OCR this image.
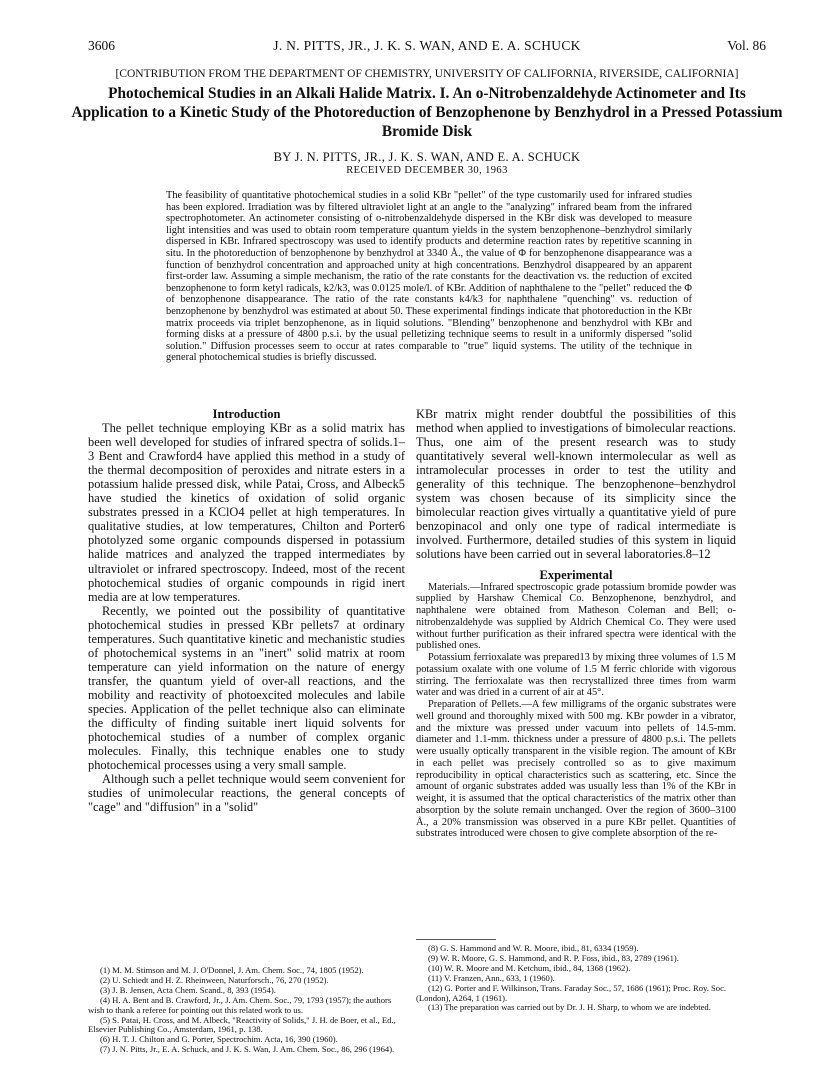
3606	J. N. PITTS, JR., J. K. S. WAN, AND E. A. SCHUCK	Vol. 86
[CONTRIBUTION FROM THE DEPARTMENT OF CHEMISTRY, UNIVERSITY OF CALIFORNIA, RIVERSIDE, CALIFORNIA]
Photochemical Studies in an Alkali Halide Matrix. I. An o-Nitrobenzaldehyde Actinometer and Its Application to a Kinetic Study of the Photoreduction of Benzophenone by Benzhydrol in a Pressed Potassium Bromide Disk
BY J. N. PITTS, JR., J. K. S. WAN, AND E. A. SCHUCK
RECEIVED DECEMBER 30, 1963

The feasibility of quantitative photochemical studies in a solid KBr "pellet" of the type customarily used for infrared studies has been explored. Irradiation was by filtered ultraviolet light at an angle to the "analyzing" infrared beam from the infrared spectrophotometer. An actinometer consisting of o-nitrobenzaldehyde dispersed in the KBr disk was developed to measure light intensities and was used to obtain room temperature quantum yields in the system benzophenone–benzhydrol similarly dispersed in KBr. Infrared spectroscopy was used to identify products and determine reaction rates by repetitive scanning in situ. In the photoreduction of benzophenone by benzhydrol at 3340 Å., the value of Φ for benzophenone disappearance was a function of benzhydrol concentration and approached unity at high concentrations. Benzhydrol disappeared by an apparent first-order law. Assuming a simple mechanism, the ratio of the rate constants for the deactivation vs. the reduction of excited benzophenone to form ketyl radicals, k2/k3, was 0.0125 mole/l. of KBr. Addition of naphthalene to the "pellet" reduced the Φ of benzophenone disappearance. The ratio of the rate constants k4/k3 for naphthalene "quenching" vs. reduction of benzophenone by benzhydrol was estimated at about 50. These experimental findings indicate that photoreduction in the KBr matrix proceeds via triplet benzophenone, as in liquid solutions. "Blending" benzophenone and benzhydrol with KBr and forming disks at a pressure of 4800 p.s.i. by the usual pelletizing technique seems to result in a uniformly dispersed "solid solution." Diffusion processes seem to occur at rates comparable to "true" liquid systems. The utility of the technique in general photochemical studies is briefly discussed.

Introduction

The pellet technique employing KBr as a solid matrix has been well developed for studies of infrared spectra of solids.1–3 Bent and Crawford4 have applied this method in a study of the thermal decomposition of peroxides and nitrate esters in a potassium halide pressed disk, while Patai, Cross, and Albeck5 have studied the kinetics of oxidation of solid organic substrates pressed in a KClO4 pellet at high temperatures. In qualitative studies, at low temperatures, Chilton and Porter6 photolyzed some organic compounds dispersed in potassium halide matrices and analyzed the trapped intermediates by ultraviolet or infrared spectroscopy. Indeed, most of the recent photochemical studies of organic compounds in rigid inert media are at low temperatures.

Recently, we pointed out the possibility of quantitative photochemical studies in pressed KBr pellets7 at ordinary temperatures. Such quantitative kinetic and mechanistic studies of photochemical systems in an "inert" solid matrix at room temperature can yield information on the nature of energy transfer, the quantum yield of over-all reactions, and the mobility and reactivity of photoexcited molecules and labile species. Application of the pellet technique also can eliminate the difficulty of finding suitable inert liquid solvents for photochemical studies of a number of complex organic molecules. Finally, this technique enables one to study photochemical processes using a very small sample.

Although such a pellet technique would seem convenient for studies of unimolecular reactions, the general concepts of "cage" and "diffusion" in a "solid"

(1) M. M. Stimson and M. J. O'Donnel, J. Am. Chem. Soc., 74, 1805 (1952).

(2) U. Schiedt and H. Z. Rheinween, Naturforsch., 76, 270 (1952).

(3) J. B. Jensen, Acta Chem. Scand., 8, 393 (1954).

(4) H. A. Bent and B. Crawford, Jr., J. Am. Chem. Soc., 79, 1793 (1957); the authors wish to thank a referee for pointing out this related work to us.

(5) S. Patai, H. Cross, and M. Albeck, "Reactivity of Solids," J. H. de Boer, et al., Ed., Elsevier Publishing Co., Amsterdam, 1961, p. 138.

(6) H. T. J. Chilton and G. Porter, Spectrochim. Acta, 16, 390 (1960).

(7) J. N. Pitts, Jr., E. A. Schuck, and J. K. S. Wan, J. Am. Chem. Soc., 86, 296 (1964).

KBr matrix might render doubtful the possibilities of this method when applied to investigations of bimolecular reactions. Thus, one aim of the present research was to study quantitatively several well-known intermolecular as well as intramolecular processes in order to test the utility and generality of this technique. The benzophenone–benzhydrol system was chosen because of its simplicity since the bimolecular reaction gives virtually a quantitative yield of pure benzopinacol and only one type of radical intermediate is involved. Furthermore, detailed studies of this system in liquid solutions have been carried out in several laboratories.8–12

Experimental

Materials.—Infrared spectroscopic grade potassium bromide powder was supplied by Harshaw Chemical Co. Benzophenone, benzhydrol, and naphthalene were obtained from Matheson Coleman and Bell; o-nitrobenzaldehyde was supplied by Aldrich Chemical Co. They were used without further purification as their infrared spectra were identical with the published ones.

Potassium ferrioxalate was prepared13 by mixing three volumes of 1.5 M potassium oxalate with one volume of 1.5 M ferric chloride with vigorous stirring. The ferrioxalate was then recrystallized three times from warm water and was dried in a current of air at 45°.

Preparation of Pellets.—A few milligrams of the organic substrates were well ground and thoroughly mixed with 500 mg. KBr powder in a vibrator, and the mixture was pressed under vacuum into pellets of 14.5-mm. diameter and 1.1-mm. thickness under a pressure of 4800 p.s.i. The pellets were usually optically transparent in the visible region. The amount of KBr in each pellet was precisely controlled so as to give maximum reproducibility in optical characteristics such as scattering, etc. Since the amount of organic substrates added was usually less than 1% of the KBr in weight, it is assumed that the optical characteristics of the matrix other than absorption by the solute remain unchanged. Over the region of 3600–3100 Å., a 20% transmission was observed in a pure KBr pellet. Quantities of substrates introduced were chosen to give complete absorption of the re-

(8) G. S. Hammond and W. R. Moore, ibid., 81, 6334 (1959).

(9) W. R. Moore, G. S. Hammond, and R. P. Foss, ibid., 83, 2789 (1961).

(10) W. R. Moore and M. Ketchum, ibid., 84, 1368 (1962).

(11) V. Franzen, Ann., 633, 1 (1960).

(12) G. Porter and F. Wilkinson, Trans. Faraday Soc., 57, 1686 (1961); Proc. Roy. Soc. (London), A264, 1 (1961).

(13) The preparation was carried out by Dr. J. H. Sharp, to whom we are indebted.
